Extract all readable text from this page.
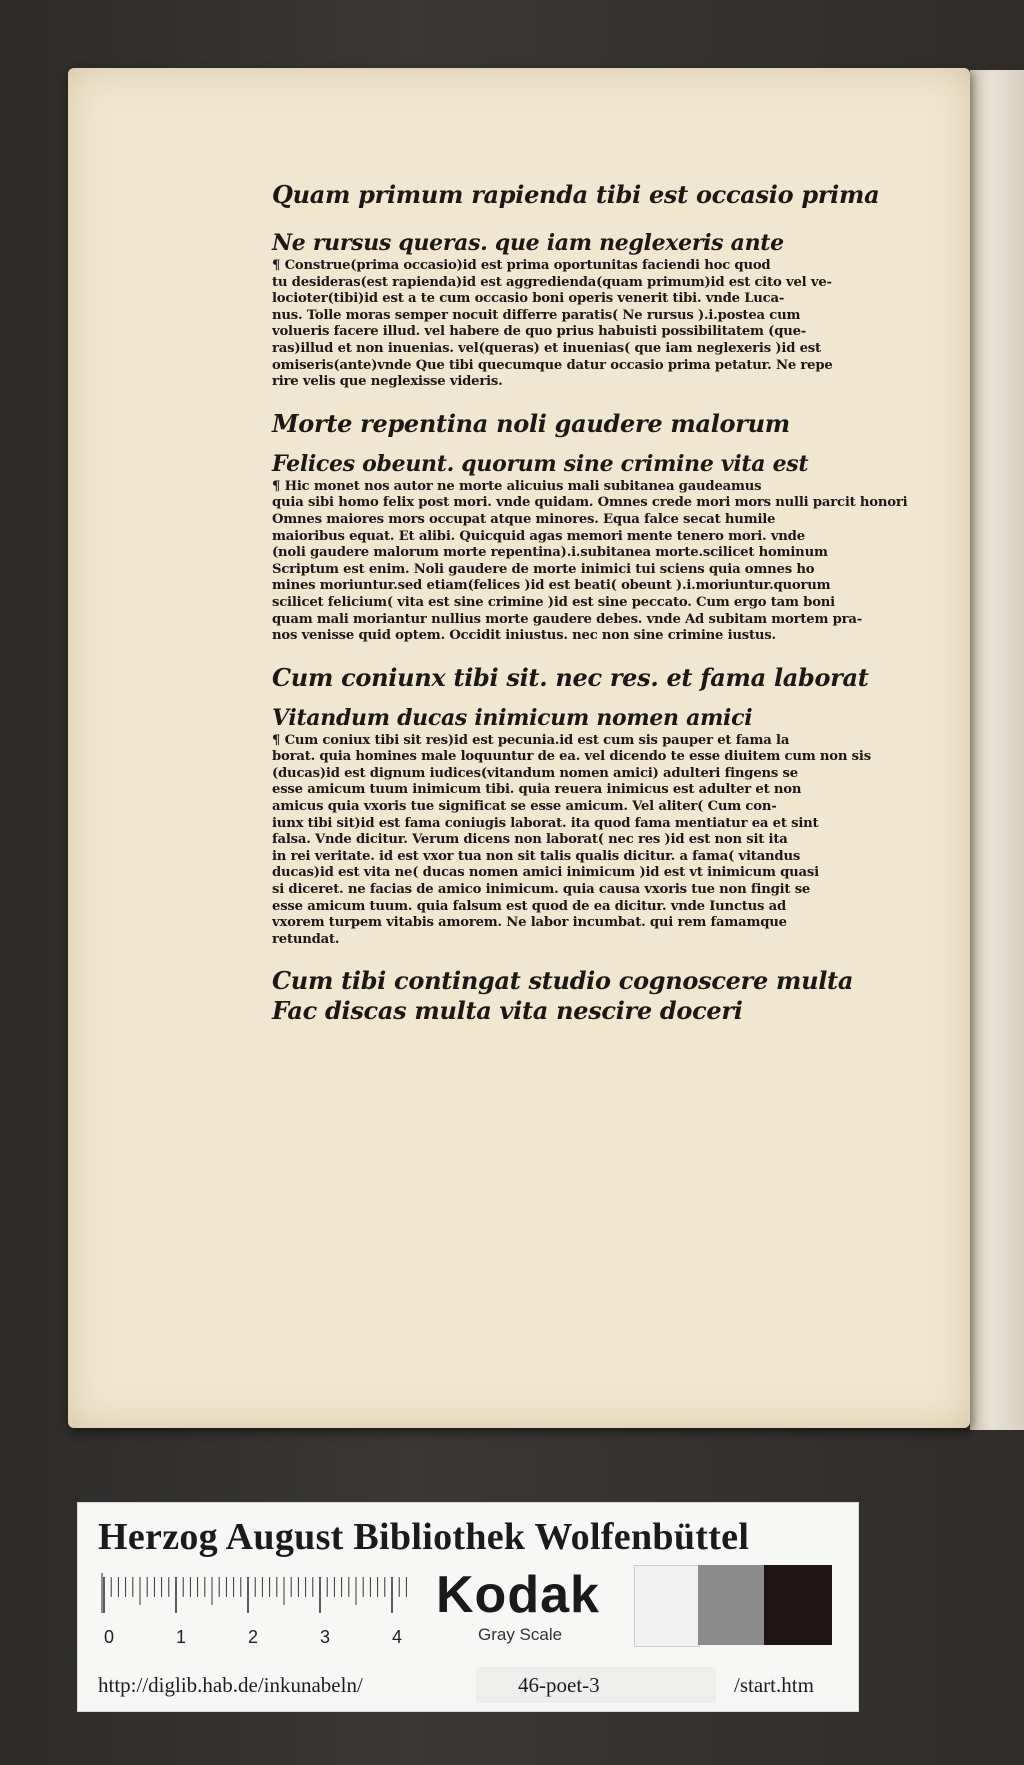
Quam primum rapienda tibi est occasio prima
Ne rursus queras. que iam neglexeris ante
¶ Construe(prima occasio)id est prima oportunitas faciendi hoc quod
tu desideras(est rapienda)id est aggredienda(quam primum)id est cito vel ve-
locioter(tibi)id est a te cum occasio boni operis venerit tibi. vnde Luca-
nus. Tolle moras semper nocuit differre paratis( Ne rursus ).i.postea cum
volueris facere illud. vel habere de quo prius habuisti possibilitatem (que-
ras)illud et non inuenias. vel(queras) et inuenias( que iam neglexeris )id est
omiseris(ante)vnde Que tibi quecumque datur occasio prima petatur. Ne repe
rire velis que neglexisse videris.
Morte repentina noli gaudere malorum
Felices obeunt. quorum sine crimine vita est
¶ Hic monet nos autor ne morte alicuius mali subitanea gaudeamus
quia sibi homo felix post mori. vnde quidam. Omnes crede mori mors nulli parcit honori
Omnes maiores mors occupat atque minores. Equa falce secat humile
maioribus equat. Et alibi. Quicquid agas memori mente tenero mori. vnde
(noli gaudere malorum morte repentina).i.subitanea morte.scilicet hominum
Scriptum est enim. Noli gaudere de morte inimici tui sciens quia omnes ho
mines moriuntur.sed etiam(felices )id est beati( obeunt ).i.moriuntur.quorum
scilicet felicium( vita est sine crimine )id est sine peccato. Cum ergo tam boni
quam mali moriantur nullius morte gaudere debes. vnde Ad subitam mortem pra-
nos venisse quid optem. Occidit iniustus. nec non sine crimine iustus.
Cum coniunx tibi sit. nec res. et fama laborat
Vitandum ducas inimicum nomen amici
¶ Cum coniux tibi sit res)id est pecunia.id est cum sis pauper et fama la
borat. quia homines male loquuntur de ea. vel dicendo te esse diuitem cum non sis
(ducas)id est dignum iudices(vitandum nomen amici) adulteri fingens se
esse amicum tuum inimicum tibi. quia reuera inimicus est adulter et non
amicus quia vxoris tue significat se esse amicum. Vel aliter( Cum con-
iunx tibi sit)id est fama coniugis laborat. ita quod fama mentiatur ea et sint
falsa. Vnde dicitur. Verum dicens non laborat( nec res )id est non sit ita
in rei veritate. id est vxor tua non sit talis qualis dicitur. a fama( vitandus
ducas)id est vita ne( ducas nomen amici inimicum )id est vt inimicum quasi
si diceret. ne facias de amico inimicum. quia causa vxoris tue non fingit se
esse amicum tuum. quia falsum est quod de ea dicitur. vnde Iunctus ad
vxorem turpem vitabis amorem. Ne labor incumbat. qui rem famamque
retundat.
Cum tibi contingat studio cognoscere multa
Fac discas multa vita nescire doceri
Herzog August Bibliothek Wolfenbüttel
0	1	2	3	4
Kodak
Gray Scale
http://diglib.hab.de/inkunabeln/	46-poet-3	/start.htm
